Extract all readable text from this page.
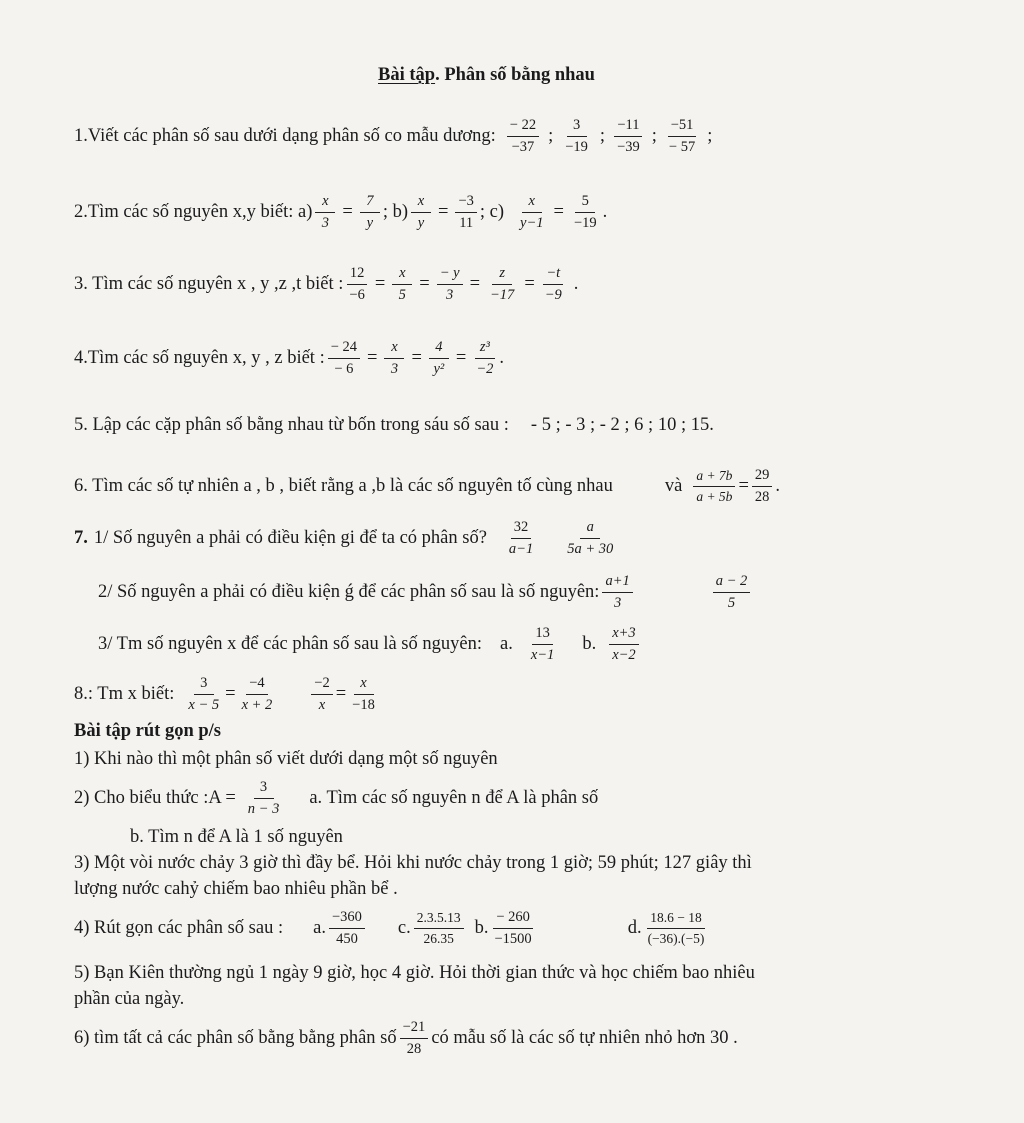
Bài tập . Phân số bằng nhau
1.Viết các phân số sau dưới dạng phân số co mẫu dương: $\frac{- 22}{-37}$ ; $\frac{3}{-19}$ ; $\frac{-11}{-39}$ ; $\frac{-51}{- 57}$ ;
2.Tìm các số nguyên x,y biết: $a) \frac{x}{3} = \frac{7}{y}$ ; $b) \frac{x}{y} = \frac{-3}{11}$ ; $c) \frac{x}{y-1} = \frac{5}{-19}$ .
3. Tìm các số nguyên x , y ,z ,t biết : $\frac{12}{-6} = \frac{x}{5} = \frac{- y}{3} = \frac{z}{-17} = \frac{-t}{-9}$ .
4.Tìm các số nguyên x, y , z biết : $\frac{- 24}{- 6} = \frac{x}{3} = \frac{4}{\text{y²}} = \frac{\text{z³}}{-2}$ .
5. Lập các cặp phân số bằng nhau từ bốn trong sáu số sau : - 5 ; - 3 ; - 2 ; 6 ; 10 ; 15.
6. Tìm các số tự nhiên a , b , biết rằng a ,b là các số nguyên tố cùng nhau	và $\frac{a + 7b}{a + 5b} = \frac{29}{28}$ .
7. 1/ Số nguyên a phải có điều kiện gi để ta có phân số? $\frac{32}{a-1} \frac{a}{5a + 30}$
2/ Số nguyên a phải có điều kiện ǵ để các phân số sau là số nguyên: $\frac{a+1}{3}$	$\frac{a - 2}{5}$
3/ Tm số nguyên x để các phân số sau là số nguyên: a. $\frac{13}{x-1} b$. $\frac{x+3}{x-2}$
8.: Tm x biết: $\frac{3}{x - 5} = \frac{-4}{x + 2} \frac{-2}{x} = \frac{x}{-18}$
Bài tập rút gọn p/s
1) Khi nào thì một phân số viết dưới dạng một số nguyên
2) Cho biểu thức :A = $\frac{3}{n - 3} a$. Tìm các số nguyên n để A là phân số
b. Tìm n để A là 1 số nguyên
3) Một vòi nước chảy 3 giờ thì đầy bể. Hỏi khi nước chảy trong 1 giờ; 59 phút; 127 giây thì
lượng nước cahỷ chiếm bao nhiêu phần bể .
4) Rút gọn các phân số sau : a. $\frac{-360}{450} c$. $\frac{2.3.5.13}{26.35} b$. $\frac{- 260}{-1500}$	d. $\frac{18.6 - 18}{(-36).(-5)}$
5) Bạn Kiên thường ngủ 1 ngày 9 giờ, học 4 giờ. Hỏi thời gian thức và học chiếm bao nhiêu
phần của ngày.
6) tìm tất cả các phân số bằng bằng phân số $\frac{-21}{28}$ có mẫu số là các số tự nhiên nhỏ hơn 30 .
